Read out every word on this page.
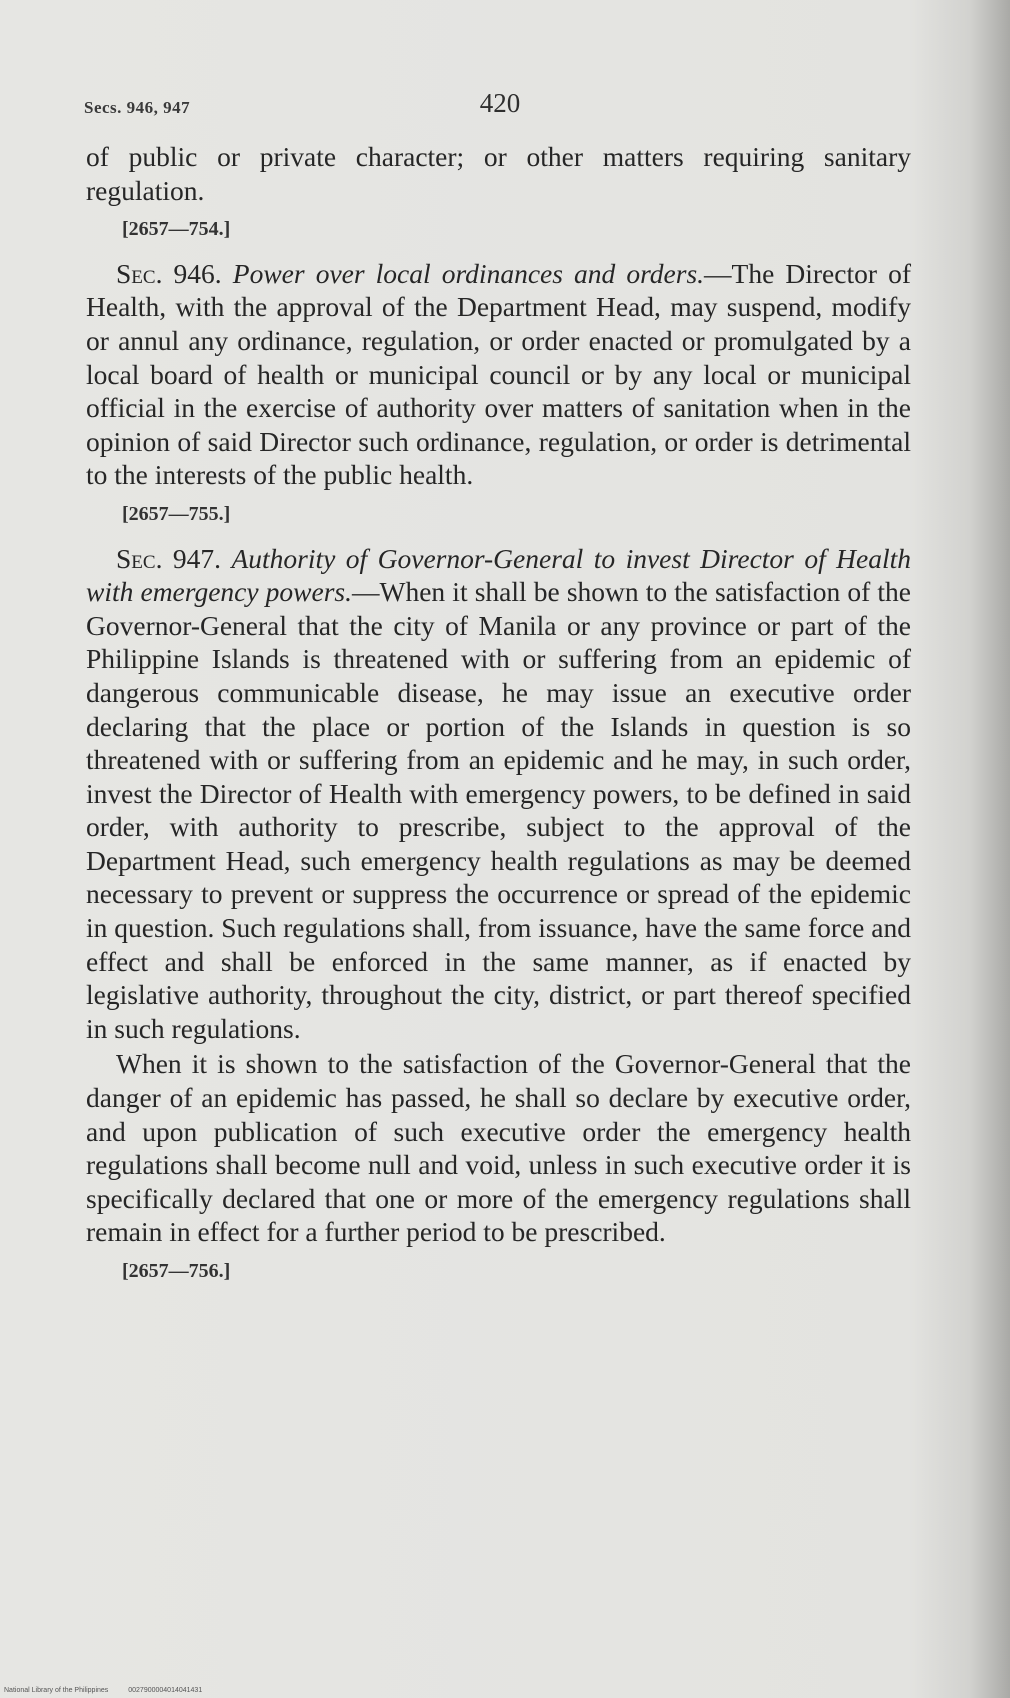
Secs. 946, 947	420

of public or private character; or other matters requiring sanitary regulation.

[2657—754.]

Sec. 946. Power over local ordinances and orders.—The Director of Health, with the approval of the Department Head, may suspend, modify or annul any ordinance, regulation, or order enacted or promulgated by a local board of health or municipal council or by any local or municipal official in the exercise of authority over matters of sanitation when in the opinion of said Director such ordinance, regulation, or order is detrimental to the interests of the public health.

[2657—755.]

Sec. 947. Authority of Governor-General to invest Director of Health with emergency powers.—When it shall be shown to the satisfaction of the Governor-General that the city of Manila or any province or part of the Philippine Islands is threatened with or suffering from an epidemic of dangerous communicable disease, he may issue an executive order declaring that the place or portion of the Islands in question is so threatened with or suffering from an epidemic and he may, in such order, invest the Director of Health with emergency powers, to be defined in said order, with authority to prescribe, subject to the approval of the Department Head, such emergency health regulations as may be deemed necessary to prevent or suppress the occurrence or spread of the epidemic in question. Such regulations shall, from issuance, have the same force and effect and shall be enforced in the same manner, as if enacted by legislative authority, throughout the city, district, or part thereof specified in such regulations.

When it is shown to the satisfaction of the Governor-General that the danger of an epidemic has passed, he shall so declare by executive order, and upon publication of such executive order the emergency health regulations shall become null and void, unless in such executive order it is specifically declared that one or more of the emergency regulations shall remain in effect for a further period to be prescribed.

[2657—756.]
National Library of the Philippines	0027900004014041431
